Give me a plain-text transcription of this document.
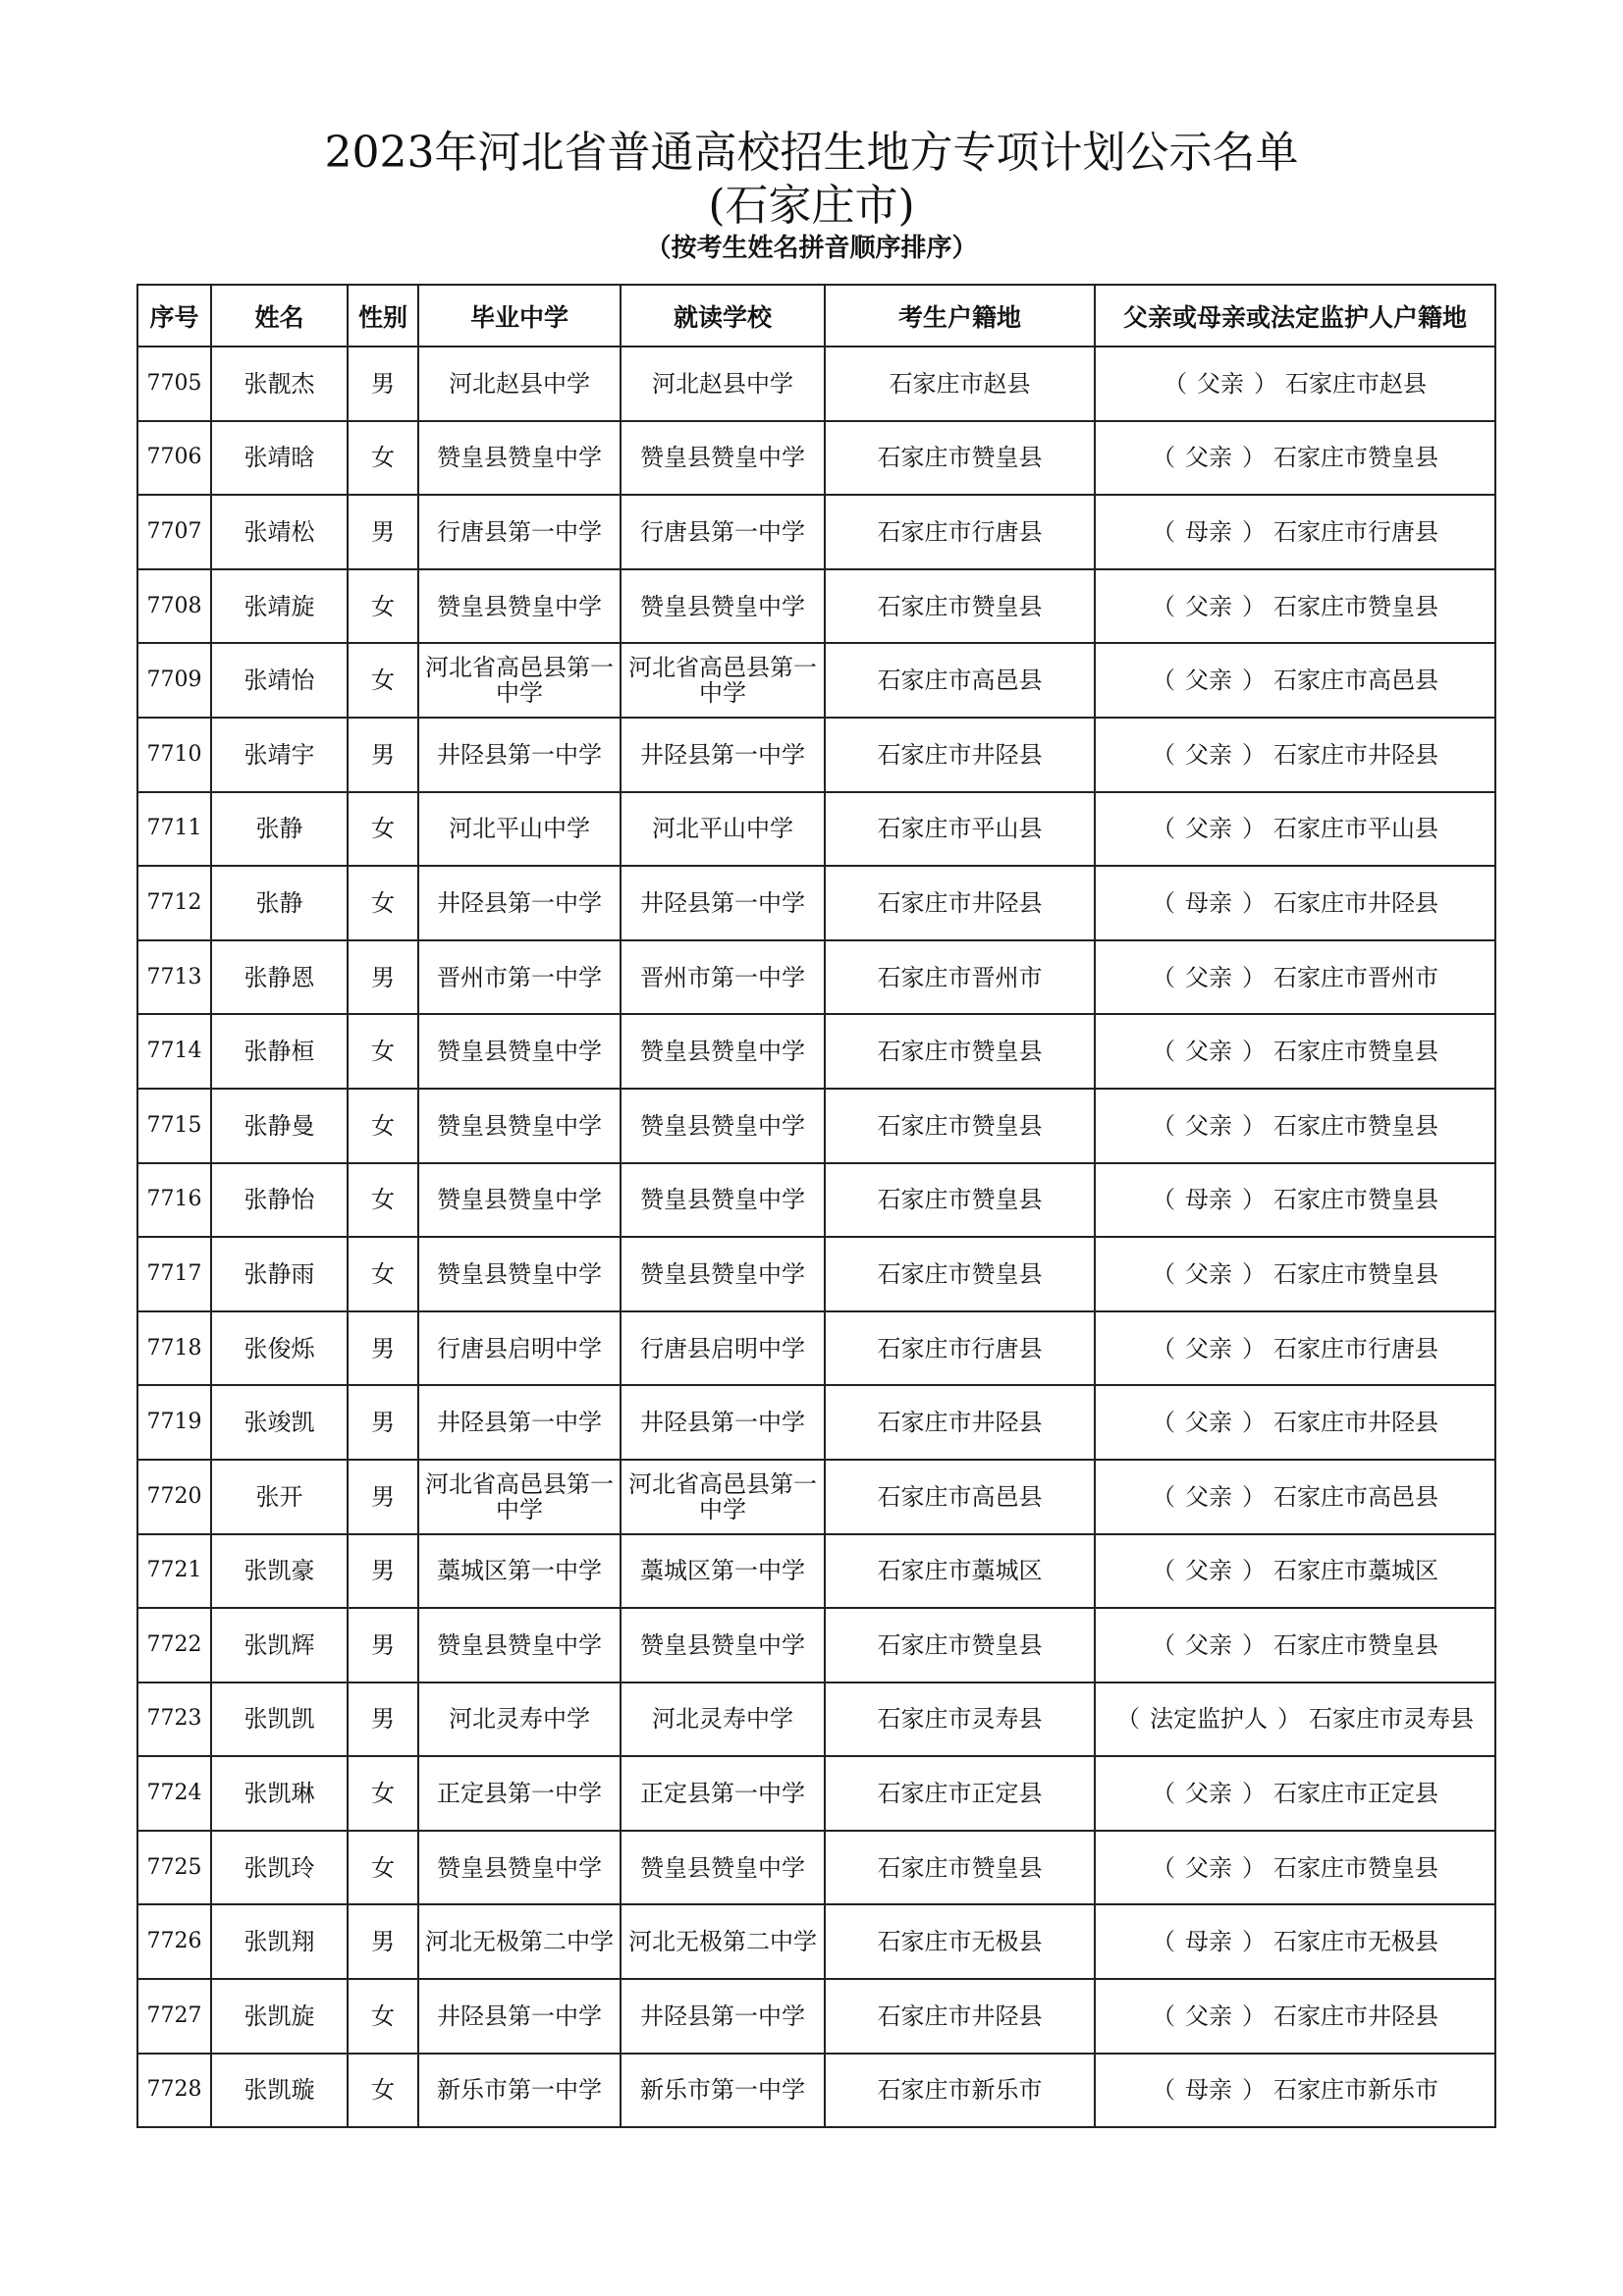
2023年河北省普通高校招生地方专项计划公示名单
(石家庄市)
（按考生姓名拼音顺序排序）
序号	姓名	性别	毕业中学	就读学校	考生户籍地	父亲或母亲或法定监护人户籍地
7705	张靓杰	男	河北赵县中学	河北赵县中学	石家庄市赵县	（ 父亲 ） 石家庄市赵县
7706	张靖晗	女	赞皇县赞皇中学	赞皇县赞皇中学	石家庄市赞皇县	（ 父亲 ） 石家庄市赞皇县
7707	张靖松	男	行唐县第一中学	行唐县第一中学	石家庄市行唐县	（ 母亲 ） 石家庄市行唐县
7708	张靖旋	女	赞皇县赞皇中学	赞皇县赞皇中学	石家庄市赞皇县	（ 父亲 ） 石家庄市赞皇县
7709	张靖怡	女	河北省高邑县第一中学	河北省高邑县第一中学	石家庄市高邑县	（ 父亲 ） 石家庄市高邑县
7710	张靖宇	男	井陉县第一中学	井陉县第一中学	石家庄市井陉县	（ 父亲 ） 石家庄市井陉县
7711	张静	女	河北平山中学	河北平山中学	石家庄市平山县	（ 父亲 ） 石家庄市平山县
7712	张静	女	井陉县第一中学	井陉县第一中学	石家庄市井陉县	（ 母亲 ） 石家庄市井陉县
7713	张静恩	男	晋州市第一中学	晋州市第一中学	石家庄市晋州市	（ 父亲 ） 石家庄市晋州市
7714	张静桓	女	赞皇县赞皇中学	赞皇县赞皇中学	石家庄市赞皇县	（ 父亲 ） 石家庄市赞皇县
7715	张静曼	女	赞皇县赞皇中学	赞皇县赞皇中学	石家庄市赞皇县	（ 父亲 ） 石家庄市赞皇县
7716	张静怡	女	赞皇县赞皇中学	赞皇县赞皇中学	石家庄市赞皇县	（ 母亲 ） 石家庄市赞皇县
7717	张静雨	女	赞皇县赞皇中学	赞皇县赞皇中学	石家庄市赞皇县	（ 父亲 ） 石家庄市赞皇县
7718	张俊烁	男	行唐县启明中学	行唐县启明中学	石家庄市行唐县	（ 父亲 ） 石家庄市行唐县
7719	张竣凯	男	井陉县第一中学	井陉县第一中学	石家庄市井陉县	（ 父亲 ） 石家庄市井陉县
7720	张开	男	河北省高邑县第一中学	河北省高邑县第一中学	石家庄市高邑县	（ 父亲 ） 石家庄市高邑县
7721	张凯豪	男	藁城区第一中学	藁城区第一中学	石家庄市藁城区	（ 父亲 ） 石家庄市藁城区
7722	张凯辉	男	赞皇县赞皇中学	赞皇县赞皇中学	石家庄市赞皇县	（ 父亲 ） 石家庄市赞皇县
7723	张凯凯	男	河北灵寿中学	河北灵寿中学	石家庄市灵寿县	（ 法定监护人 ） 石家庄市灵寿县
7724	张凯琳	女	正定县第一中学	正定县第一中学	石家庄市正定县	（ 父亲 ） 石家庄市正定县
7725	张凯玲	女	赞皇县赞皇中学	赞皇县赞皇中学	石家庄市赞皇县	（ 父亲 ） 石家庄市赞皇县
7726	张凯翔	男	河北无极第二中学	河北无极第二中学	石家庄市无极县	（ 母亲 ） 石家庄市无极县
7727	张凯旋	女	井陉县第一中学	井陉县第一中学	石家庄市井陉县	（ 父亲 ） 石家庄市井陉县
7728	张凯璇	女	新乐市第一中学	新乐市第一中学	石家庄市新乐市	（ 母亲 ） 石家庄市新乐市
